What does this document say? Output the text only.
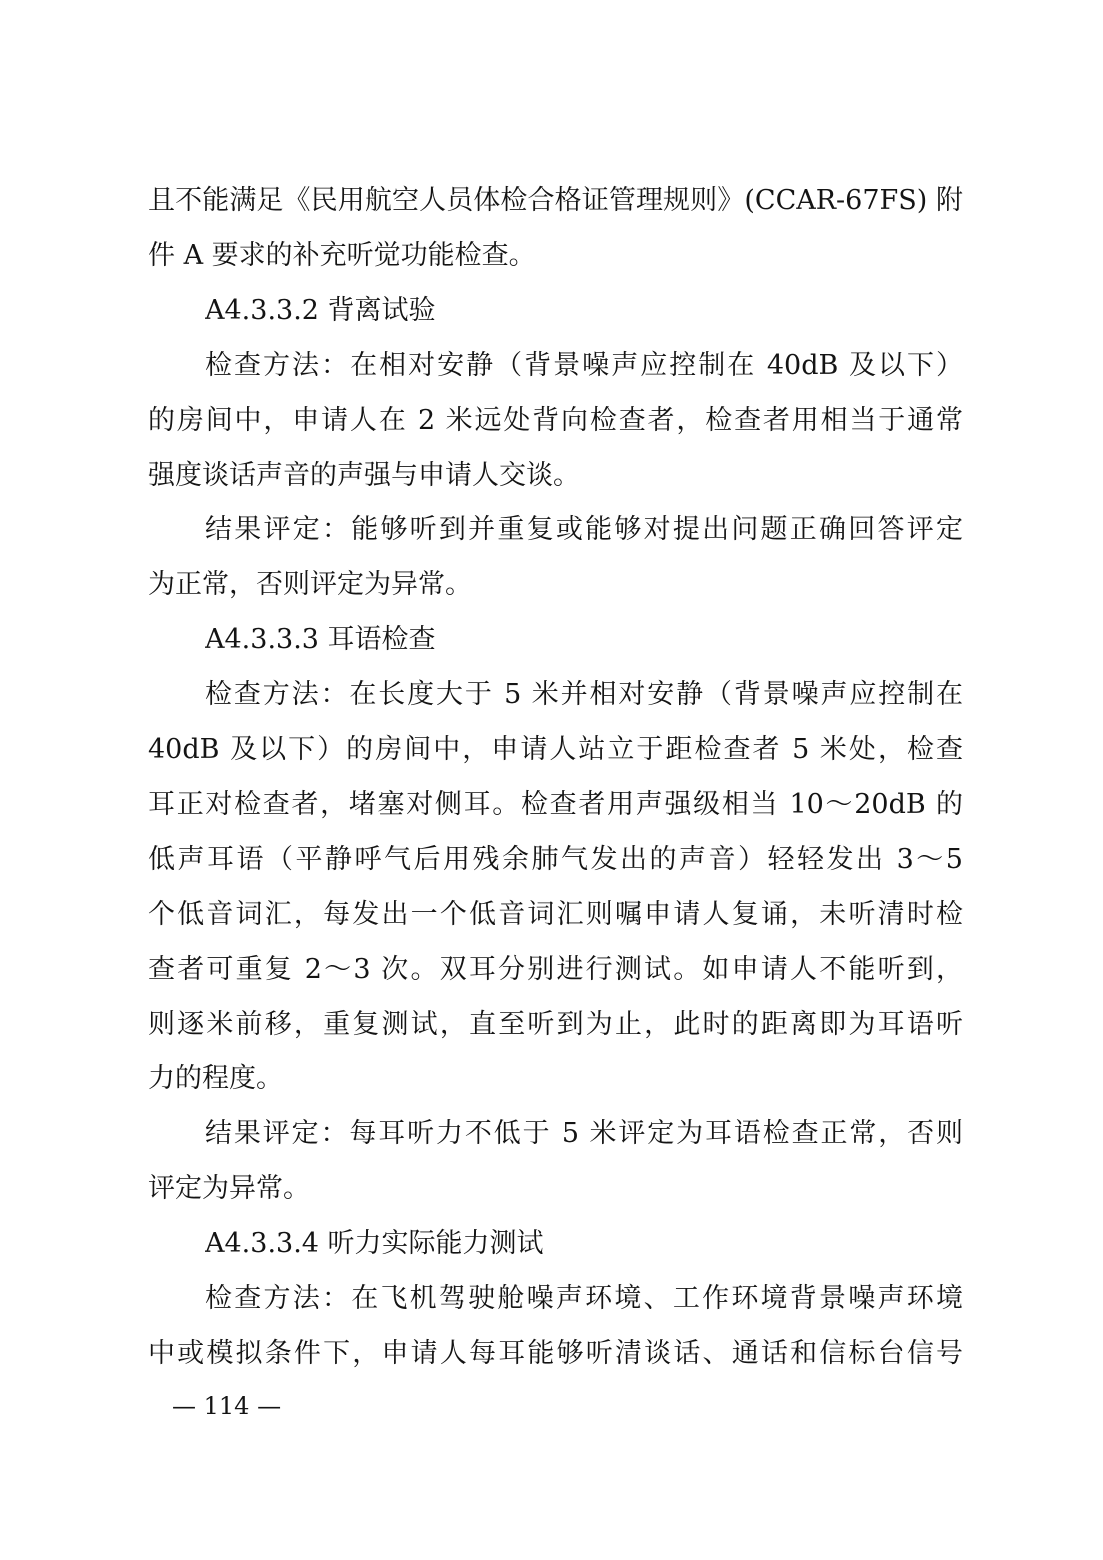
且不能满足《民用航空人员体检合格证管理规则》(CCAR-67FS) 附
件 A 要求的补充听觉功能检查。
A4.3.3.2 背离试验
检查方法：在相对安静（背景噪声应控制在 40dB 及以下）
的房间中，申请人在 2 米远处背向检查者，检查者用相当于通常
强度谈话声音的声强与申请人交谈。
结果评定：能够听到并重复或能够对提出问题正确回答评定
为正常，否则评定为异常。
A4.3.3.3 耳语检查
检查方法：在长度大于 5 米并相对安静（背景噪声应控制在
40dB 及以下）的房间中，申请人站立于距检查者 5 米处，检查
耳正对检查者，堵塞对侧耳。检查者用声强级相当 10～20dB 的
低声耳语（平静呼气后用残余肺气发出的声音）轻轻发出 3～5
个低音词汇，每发出一个低音词汇则嘱申请人复诵，未听清时检
查者可重复 2～3 次。双耳分别进行测试。如申请人不能听到，
则逐米前移，重复测试，直至听到为止，此时的距离即为耳语听
力的程度。
结果评定：每耳听力不低于 5 米评定为耳语检查正常，否则
评定为异常。
A4.3.3.4 听力实际能力测试
检查方法：在飞机驾驶舱噪声环境、工作环境背景噪声环境
中或模拟条件下，申请人每耳能够听清谈话、通话和信标台信号
— 114 —
